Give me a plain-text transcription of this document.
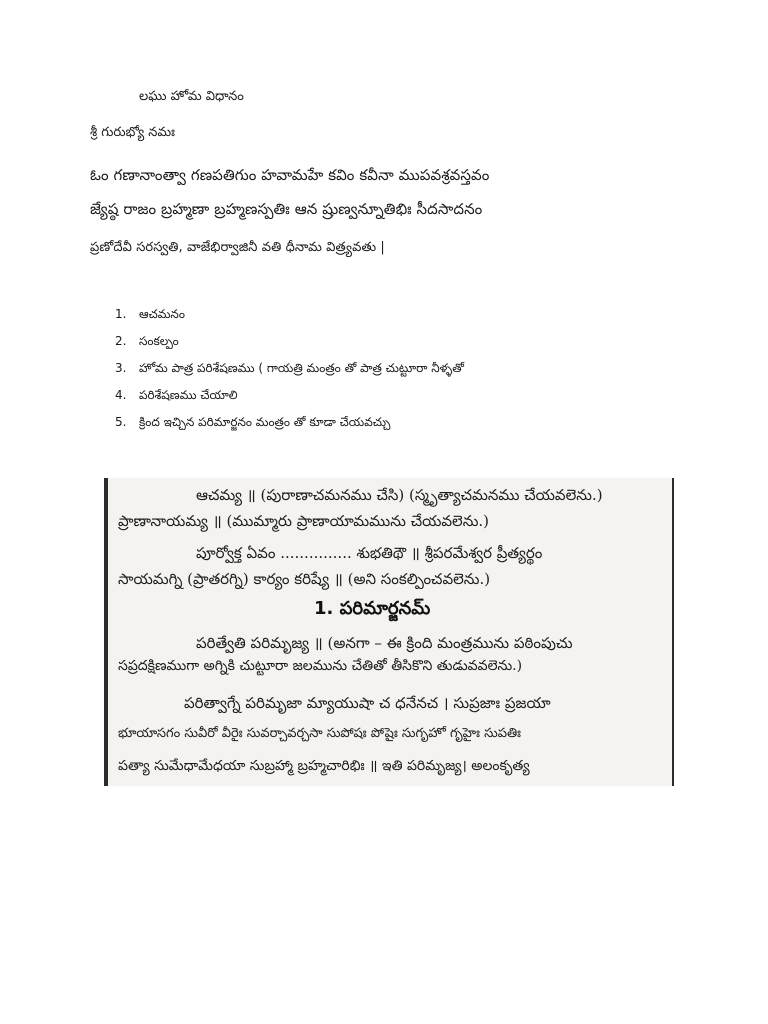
లఘు హోమ విధానం
శ్రీ గురుభ్యో నమః
ఓం గణానాంత్వా గణపతిగుం హవామహే కవిం కవీనా ముపవశ్రవస్తవం
జ్యేష్ఠ రాజం బ్రహ్మణా బ్రహ్మణస్పతిః ఆన ష్రుణ్వన్నూతిభిః సీదసాదనం
ప్రణోదేవీ సరస్వతి, వాజేభిర్వాజినీ వతి ధీనామ విత్ర్యవతు |
1.	ఆచమనం
2.	సంకల్పం
3.	హోమ పాత్ర పరిశేషణము ( గాయత్రి మంత్రం తో పాత్ర చుట్టూరా నీళ్ళతో
4.	పరిశేషణము చేయాలి
5.	క్రింద ఇచ్చిన పరిమార్జనం మంత్రం తో కూడా చేయవచ్చు
ఆచమ్య ॥ (పురాణాచమనము చేసి) (స్మృత్యాచమనము చేయవలెను.)
ప్రాణానాయమ్య ॥ (ముమ్మారు ప్రాణాయామమును చేయవలెను.)
పూర్వోక్త ఏవం ............... శుభతిథౌ ॥ శ్రీపరమేశ్వర ప్రీత్యర్థం
సాయమగ్ని (ప్రాతరగ్ని) కార్యం కరిష్యే ॥ (అని సంకల్పించవలెను.)
1. పరిమార్జనమ్
పరిత్వేతి పరిమృజ్య ॥ (అనగా – ఈ క్రింది మంత్రమును పఠింపుచు
సప్రదక్షిణముగా అగ్నికి చుట్టూరా జలమును చేతితో తీసికొని తుడువవలెను.)
పరిత్వాగ్నే పరిమృజా మ్యాయుషా చ ధనేనచ । సుప్రజాః ప్రజయా
భూయాసగం సువీరో వీరైః సువర్చావర్చసా సుపోషః పోషైః సుగృహో గృహైః సుపతిః
పత్యా సుమేధామేధయా సుబ్రహ్మా బ్రహ్మచారిభిః ॥ ఇతి పరిమృజ్య। అలంకృత్య
